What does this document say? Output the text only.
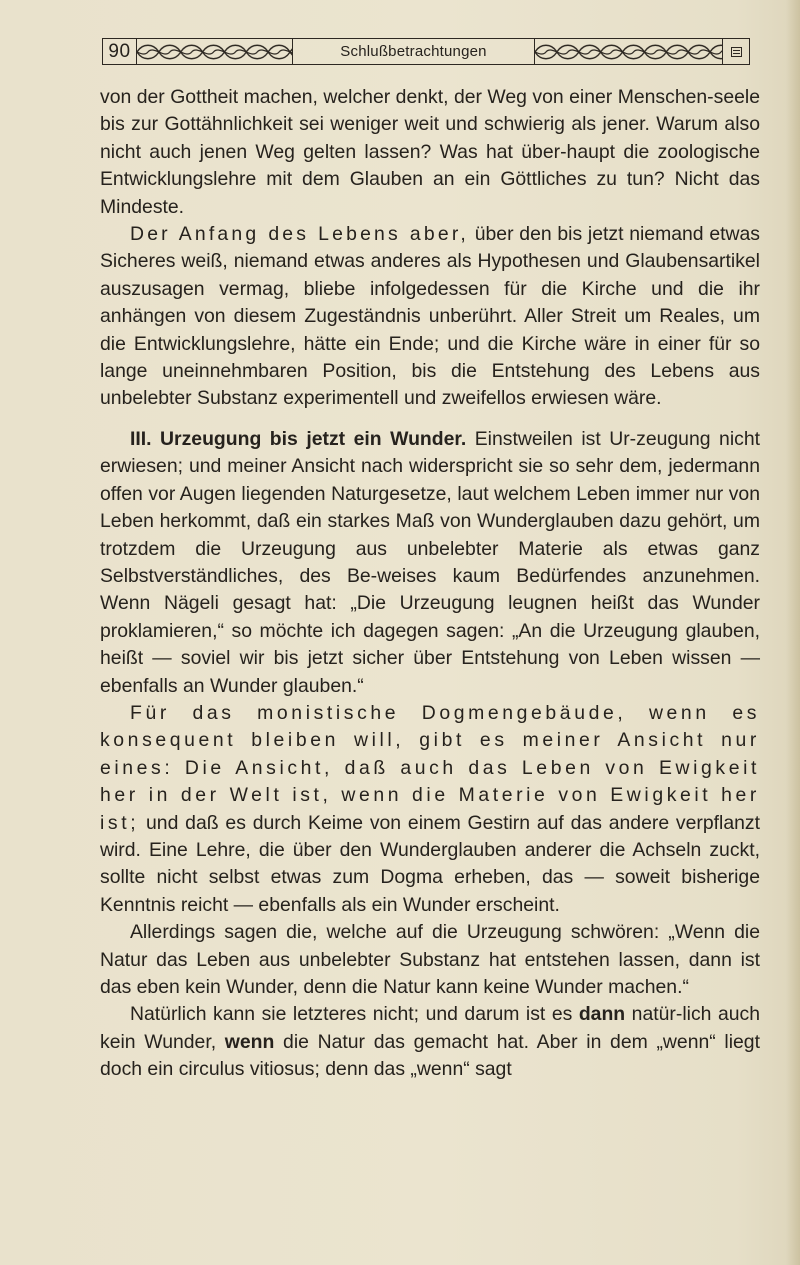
90	Schlußbetrachtungen

von der Gottheit machen, welcher denkt, der Weg von einer Menschen-seele bis zur Gottähnlichkeit sei weniger weit und schwierig als jener. Warum also nicht auch jenen Weg gelten lassen? Was hat über-haupt die zoologische Entwicklungslehre mit dem Glauben an ein Göttliches zu tun? Nicht das Mindeste.

Der Anfang des Lebens aber, über den bis jetzt niemand etwas Sicheres weiß, niemand etwas anderes als Hypothesen und Glaubensartikel auszusagen vermag, bliebe infolgedessen für die Kirche und die ihr anhängen von diesem Zugeständnis unberührt. Aller Streit um Reales, um die Entwicklungslehre, hätte ein Ende; und die Kirche wäre in einer für so lange uneinnehmbaren Position, bis die Entstehung des Lebens aus unbelebter Substanz experimentell und zweifellos erwiesen wäre.

III. Urzeugung bis jetzt ein Wunder. Einstweilen ist Ur-zeugung nicht erwiesen; und meiner Ansicht nach widerspricht sie so sehr dem, jedermann offen vor Augen liegenden Naturgesetze, laut welchem Leben immer nur von Leben herkommt, daß ein starkes Maß von Wunderglauben dazu gehört, um trotzdem die Urzeugung aus unbelebter Materie als etwas ganz Selbstverständliches, des Be-weises kaum Bedürfendes anzunehmen. Wenn Nägeli gesagt hat: „Die Urzeugung leugnen heißt das Wunder proklamieren,“ so möchte ich dagegen sagen: „An die Urzeugung glauben, heißt — soviel wir bis jetzt sicher über Entstehung von Leben wissen — ebenfalls an Wunder glauben.“

Für das monistische Dogmengebäude, wenn es konsequent bleiben will, gibt es meiner Ansicht nur eines: Die Ansicht, daß auch das Leben von Ewigkeit her in der Welt ist, wenn die Materie von Ewigkeit her ist; und daß es durch Keime von einem Gestirn auf das andere verpflanzt wird. Eine Lehre, die über den Wunderglauben anderer die Achseln zuckt, sollte nicht selbst etwas zum Dogma erheben, das — soweit bisherige Kenntnis reicht — ebenfalls als ein Wunder erscheint.

Allerdings sagen die, welche auf die Urzeugung schwören: „Wenn die Natur das Leben aus unbelebter Substanz hat entstehen lassen, dann ist das eben kein Wunder, denn die Natur kann keine Wunder machen.“

Natürlich kann sie letzteres nicht; und darum ist es dann natür-lich auch kein Wunder, wenn die Natur das gemacht hat. Aber in dem „wenn“ liegt doch ein circulus vitiosus; denn das „wenn“ sagt
